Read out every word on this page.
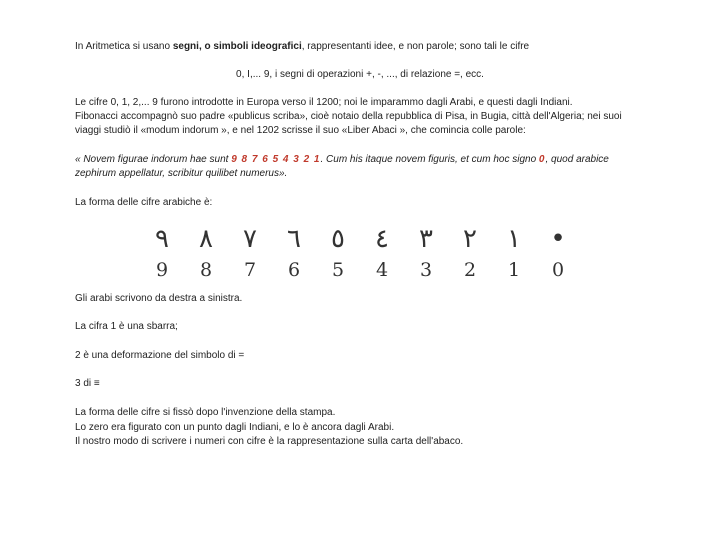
In Aritmetica si usano segni, o simboli ideografici, rappresentanti idee, e non parole; sono tali le cifre
0, I,... 9, i segni di operazioni +, -, ..., di relazione =, ecc.
Le cifre 0, 1, 2,... 9 furono introdotte in Europa verso il 1200; noi le imparammo dagli Arabi, e questi dagli Indiani.
Fibonacci accompagnò suo padre «publicus scriba», cioè notaio della repubblica di Pisa, in Bugia, città dell'Algeria; nei suoi
viaggi studiò il «modum indorum », e nel 1202 scrisse il suo «Liber Abaci », che comincia colle parole:
« Novem figurae indorum hae sunt 9 8 7 6 5 4 3 2 1. Cum his itaque novem figuris, et cum hoc signo 0, quod arabice
zephirum appellatur, scribitur quilibet numerus».
La forma delle cifre arabiche è:
٩	٨	٧	٦	٥	٤	٣	٢	١	•
9	8	7	6	5	4	3	2	1	0
Gli arabi scrivono da destra a sinistra.
La cifra 1 è una sbarra;
2 è una deformazione del simbolo di =
3 di ≡
La forma delle cifre si fissò dopo l'invenzione della stampa.
Lo zero era figurato con un punto dagli Indiani, e lo è ancora dagli Arabi.
Il nostro modo di scrivere i numeri con cifre è la rappresentazione sulla carta dell'abaco.
